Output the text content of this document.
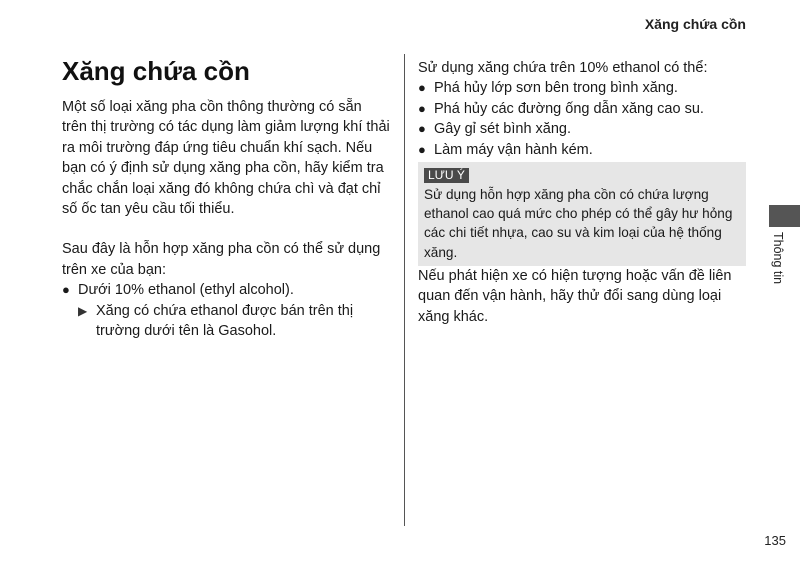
Xăng chứa cồn
Xăng chứa cồn

Một số loại xăng pha cồn thông thường có sẵn trên thị trường có tác dụng làm giảm lượng khí thải ra môi trường đáp ứng tiêu chuẩn khí sạch. Nếu bạn có ý định sử dụng xăng pha cồn, hãy kiểm tra chắc chắn loại xăng đó không chứa chì và đạt chỉ số ốc tan yêu cầu tối thiểu.

Sau đây là hỗn hợp xăng pha cồn có thể sử dụng trên xe của bạn:

● Dưới 10% ethanol (ethyl alcohol).
▶ Xăng có chứa ethanol được bán trên thị trường dưới tên là Gasohol.

Sử dụng xăng chứa trên 10% ethanol có thể:

● Phá hủy lớp sơn bên trong bình xăng.
● Phá hủy các đường ống dẫn xăng cao su.
● Gây gỉ sét bình xăng.
● Làm máy vận hành kém.
LƯU Ý
Sử dụng hỗn hợp xăng pha cồn có chứa lượng ethanol cao quá mức cho phép có thể gây hư hỏng các chi tiết nhựa, cao su và kim loại của hệ thống xăng.

Nếu phát hiện xe có hiện tượng hoặc vấn đề liên quan đến vận hành, hãy thử đổi sang dùng loại xăng khác.

Thông tin
135
